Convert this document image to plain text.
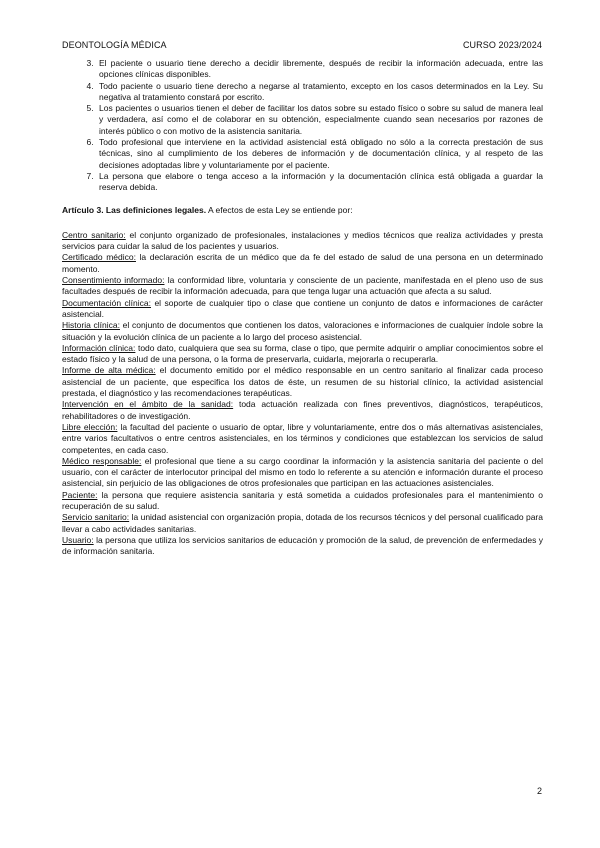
DEONTOLOGÍA MÉDICA	CURSO 2023/2024
3. El paciente o usuario tiene derecho a decidir libremente, después de recibir la información adecuada, entre las opciones clínicas disponibles.
4. Todo paciente o usuario tiene derecho a negarse al tratamiento, excepto en los casos determinados en la Ley. Su negativa al tratamiento constará por escrito.
5. Los pacientes o usuarios tienen el deber de facilitar los datos sobre su estado físico o sobre su salud de manera leal y verdadera, así como el de colaborar en su obtención, especialmente cuando sean necesarios por razones de interés público o con motivo de la asistencia sanitaria.
6. Todo profesional que interviene en la actividad asistencial está obligado no sólo a la correcta prestación de sus técnicas, sino al cumplimiento de los deberes de información y de documentación clínica, y al respeto de las decisiones adoptadas libre y voluntariamente por el paciente.
7. La persona que elabore o tenga acceso a la información y la documentación clínica está obligada a guardar la reserva debida.
Artículo 3. Las definiciones legales. A efectos de esta Ley se entiende por:

Centro sanitario: el conjunto organizado de profesionales, instalaciones y medios técnicos que realiza actividades y presta servicios para cuidar la salud de los pacientes y usuarios.

Certificado médico: la declaración escrita de un médico que da fe del estado de salud de una persona en un determinado momento.

Consentimiento informado: la conformidad libre, voluntaria y consciente de un paciente, manifestada en el pleno uso de sus facultades después de recibir la información adecuada, para que tenga lugar una actuación que afecta a su salud.

Documentación clínica: el soporte de cualquier tipo o clase que contiene un conjunto de datos e informaciones de carácter asistencial.

Historia clínica: el conjunto de documentos que contienen los datos, valoraciones e informaciones de cualquier índole sobre la situación y la evolución clínica de un paciente a lo largo del proceso asistencial.

Información clínica: todo dato, cualquiera que sea su forma, clase o tipo, que permite adquirir o ampliar conocimientos sobre el estado físico y la salud de una persona, o la forma de preservarla, cuidarla, mejorarla o recuperarla.

Informe de alta médica: el documento emitido por el médico responsable en un centro sanitario al finalizar cada proceso asistencial de un paciente, que especifica los datos de éste, un resumen de su historial clínico, la actividad asistencial prestada, el diagnóstico y las recomendaciones terapéuticas.

Intervención en el ámbito de la sanidad: toda actuación realizada con fines preventivos, diagnósticos, terapéuticos, rehabilitadores o de investigación.

Libre elección: la facultad del paciente o usuario de optar, libre y voluntariamente, entre dos o más alternativas asistenciales, entre varios facultativos o entre centros asistenciales, en los términos y condiciones que establezcan los servicios de salud competentes, en cada caso.

Médico responsable: el profesional que tiene a su cargo coordinar la información y la asistencia sanitaria del paciente o del usuario, con el carácter de interlocutor principal del mismo en todo lo referente a su atención e información durante el proceso asistencial, sin perjuicio de las obligaciones de otros profesionales que participan en las actuaciones asistenciales.

Paciente: la persona que requiere asistencia sanitaria y está sometida a cuidados profesionales para el mantenimiento o recuperación de su salud.

Servicio sanitario: la unidad asistencial con organización propia, dotada de los recursos técnicos y del personal cualificado para llevar a cabo actividades sanitarias.

Usuario: la persona que utiliza los servicios sanitarios de educación y promoción de la salud, de prevención de enfermedades y de información sanitaria.

2
